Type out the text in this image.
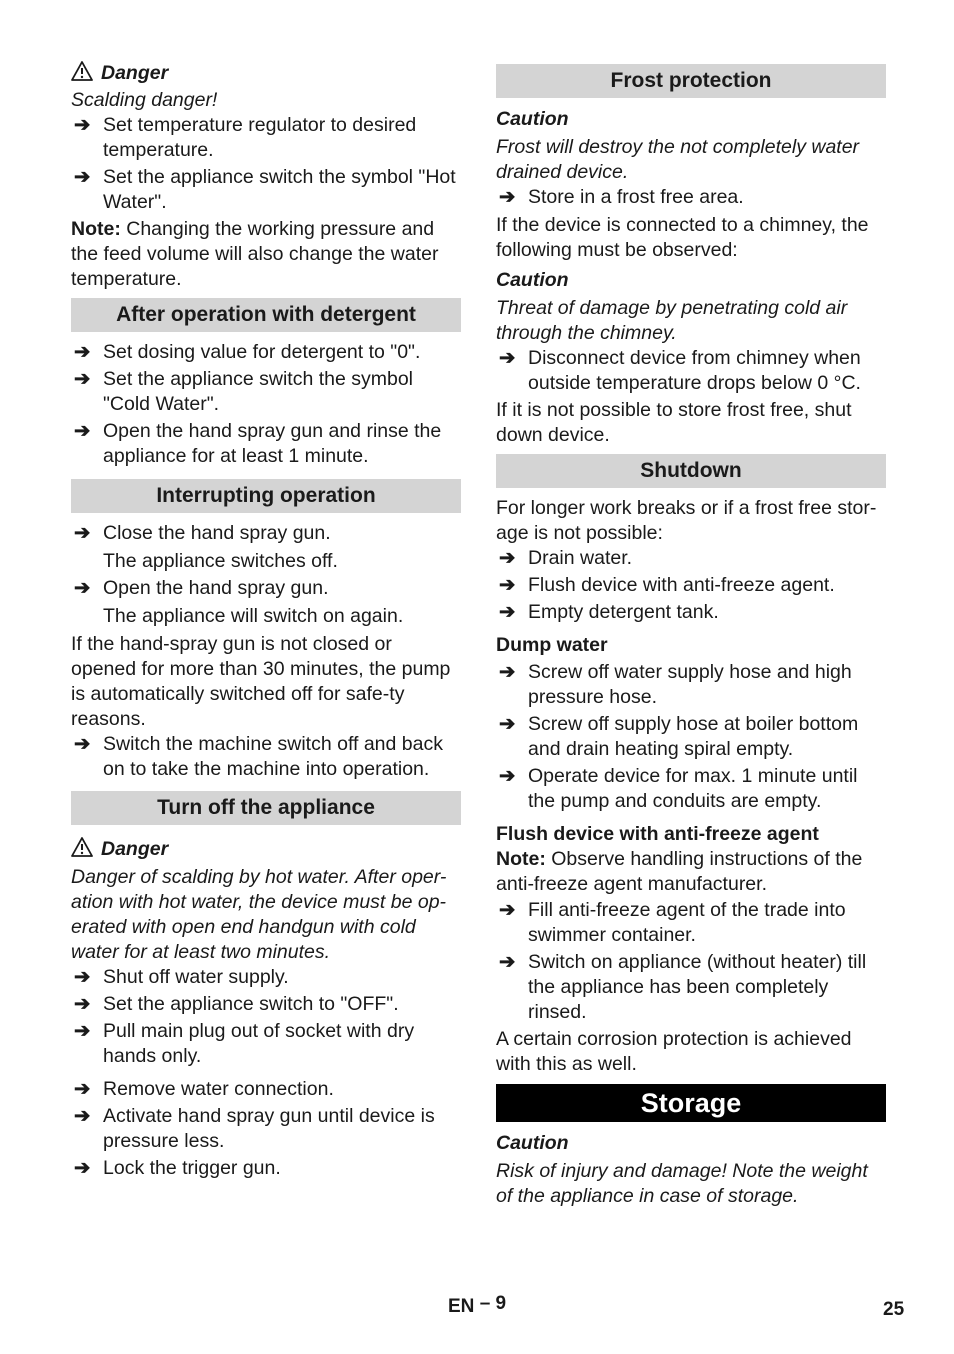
Danger

Scalding danger!

➔ Set temperature regulator to desired temperature.
➔ Set the appliance switch the symbol "Hot Water".

Note: Changing the working pressure and the feed volume will also change the water temperature.

After operation with detergent
➔ Set dosing value for detergent to "0".
➔ Set the appliance switch the symbol "Cold Water".
➔ Open the hand spray gun and rinse the appliance for at least 1 minute.
Interrupting operation
➔ Close the hand spray gun.

The appliance switches off.

➔ Open the hand spray gun.

The appliance will switch on again.

If the hand-spray gun is not closed or opened for more than 30 minutes, the pump is automatically switched off for safe-ty reasons.

➔ Switch the machine switch off and back on to take the machine into operation.
Turn off the appliance

Danger

Danger of scalding by hot water. After oper-ation with hot water, the device must be op-erated with open end handgun with cold water for at least two minutes.

➔ Shut off water supply.
➔ Set the appliance switch to "OFF".
➔ Pull main plug out of socket with dry hands only.
➔ Remove water connection.
➔ Activate hand spray gun until device is pressure less.
➔ Lock the trigger gun.
Frost protection

Caution

Frost will destroy the not completely water drained device.

➔ Store in a frost free area.

If the device is connected to a chimney, the following must be observed:

Caution

Threat of damage by penetrating cold air through the chimney.

➔ Disconnect device from chimney when outside temperature drops below 0 °C.

If it is not possible to store frost free, shut down device.

Shutdown

For longer work breaks or if a frost free stor-age is not possible:

➔ Drain water.
➔ Flush device with anti-freeze agent.
➔ Empty detergent tank.

Dump water

➔ Screw off water supply hose and high pressure hose.
➔ Screw off supply hose at boiler bottom and drain heating spiral empty.
➔ Operate device for max. 1 minute until the pump and conduits are empty.

Flush device with anti-freeze agent

Note: Observe handling instructions of the anti-freeze agent manufacturer.

➔ Fill anti-freeze agent of the trade into swimmer container.
➔ Switch on appliance (without heater) till the appliance has been completely rinsed.

A certain corrosion protection is achieved with this as well.

Storage

Caution

Risk of injury and damage! Note the weight of the appliance in case of storage.

EN – 9	25
